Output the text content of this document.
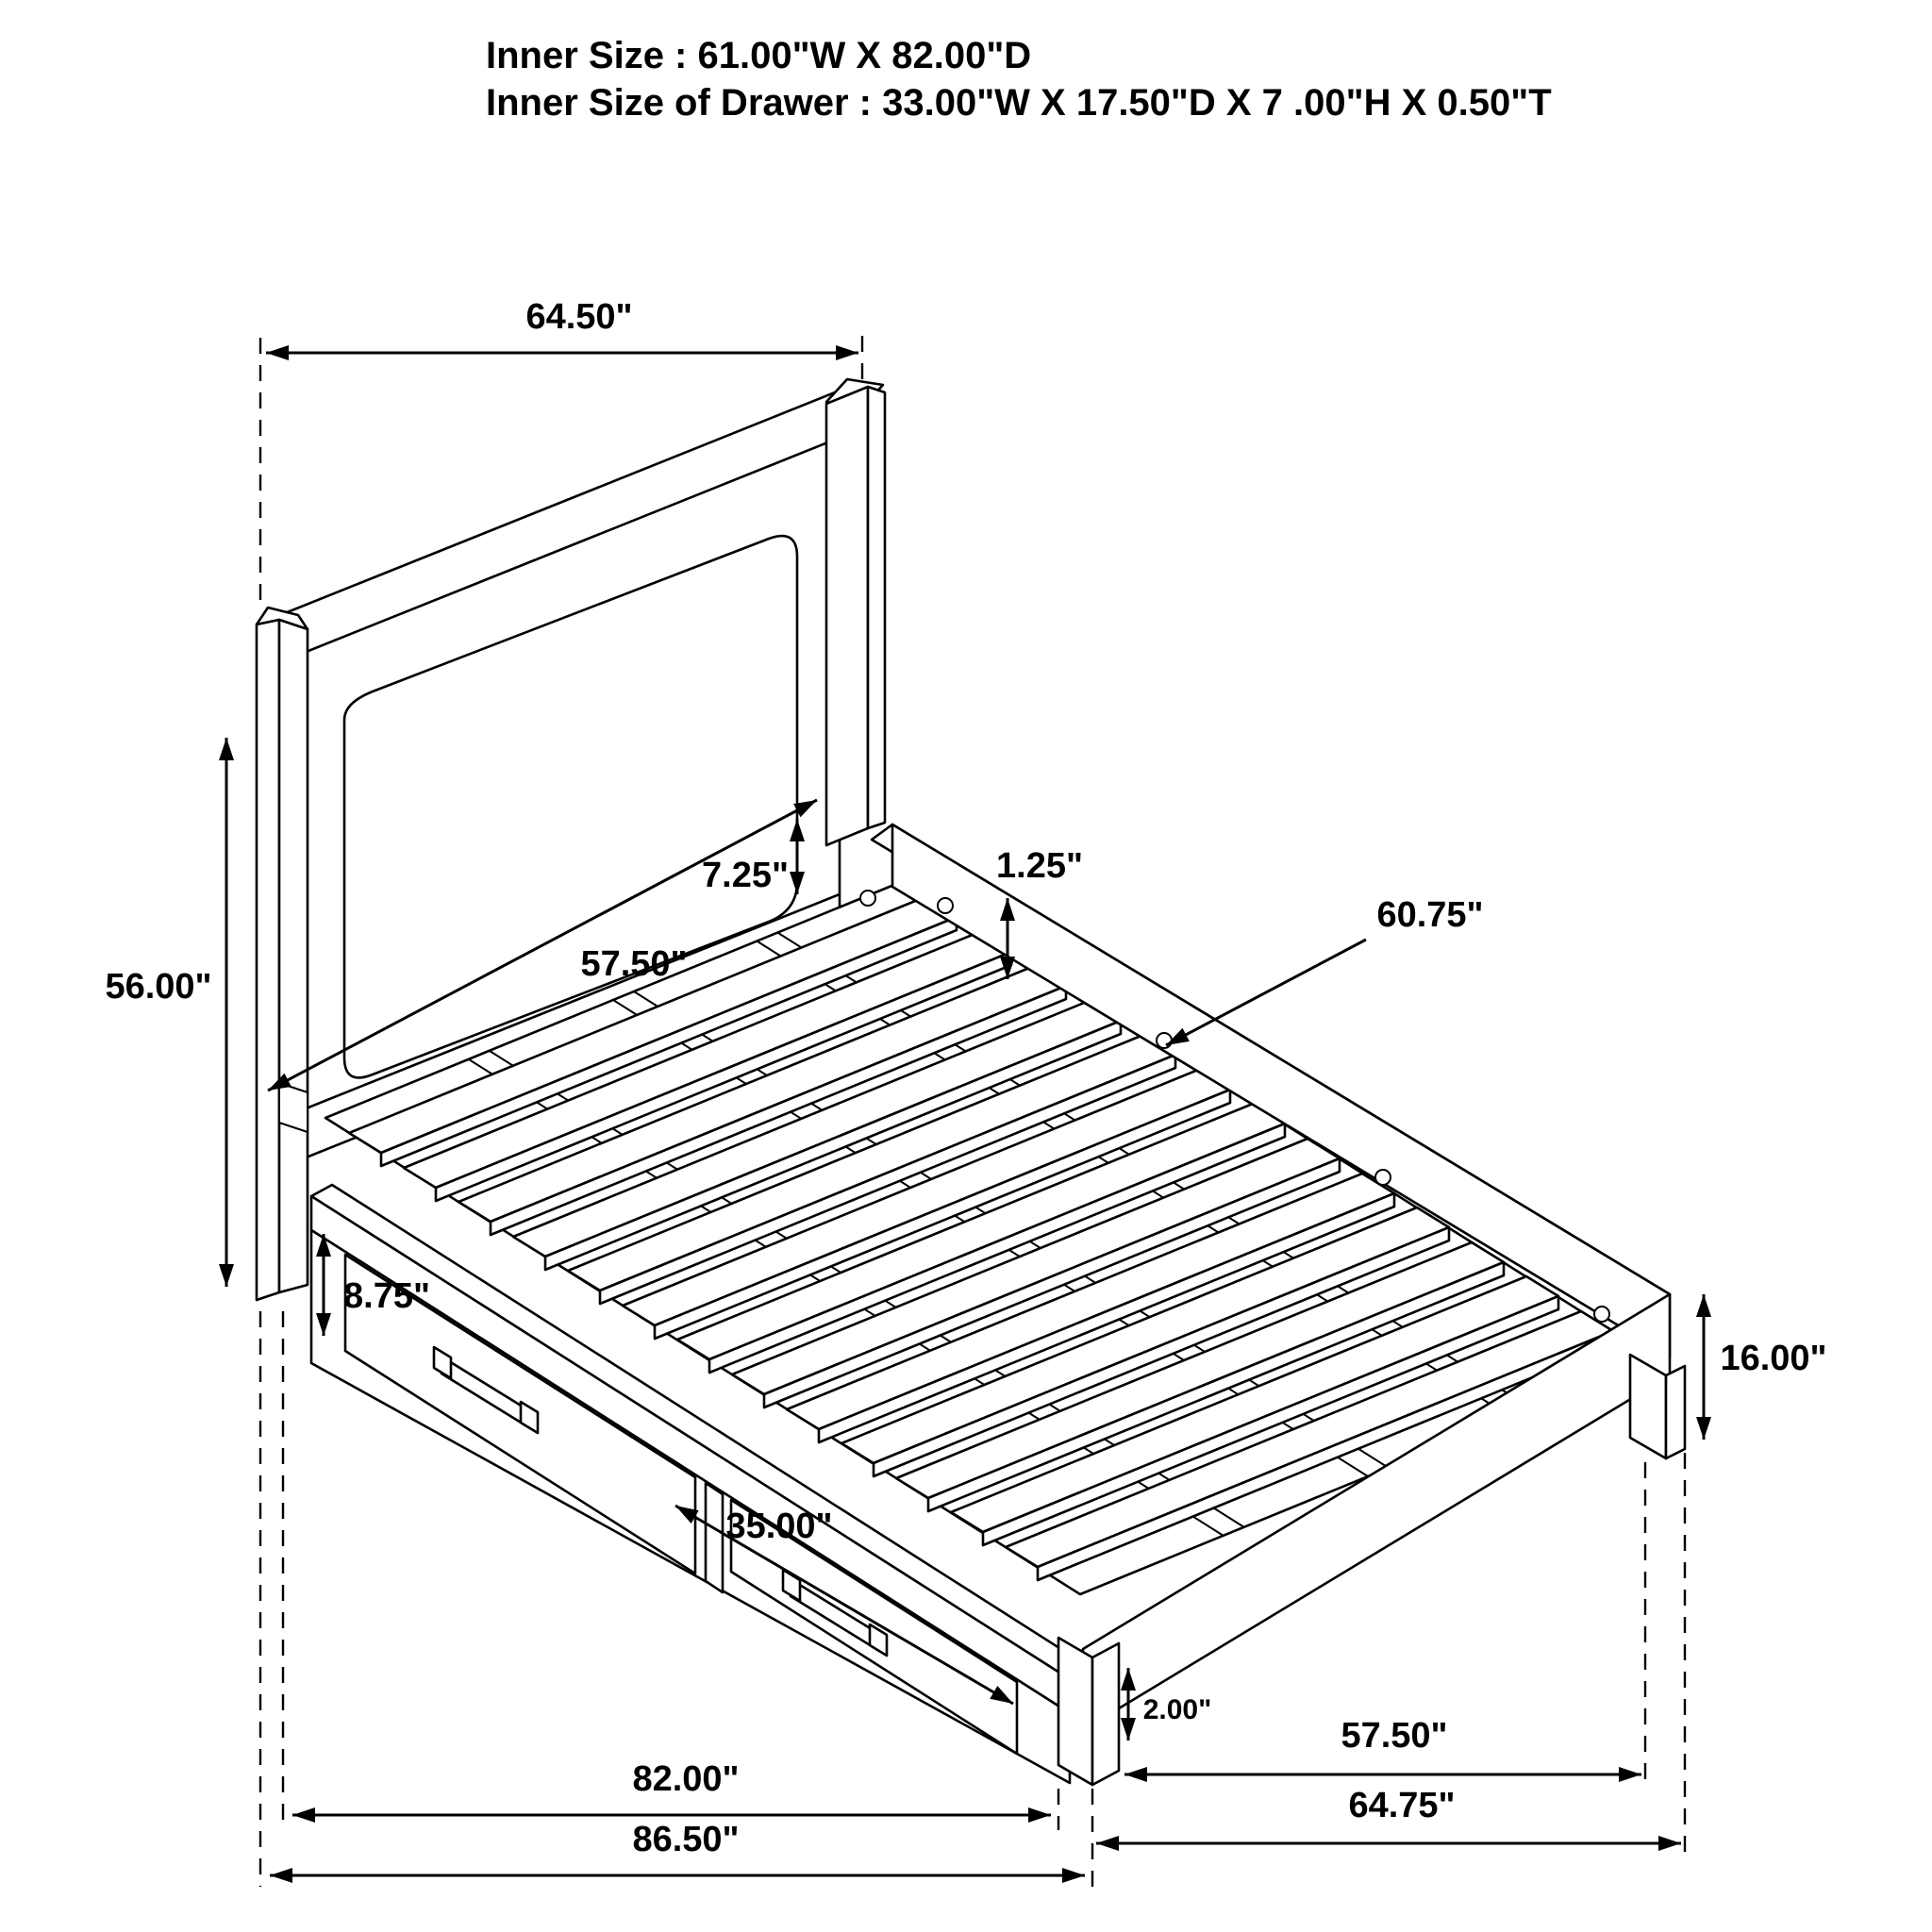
64.50"
56.00"
7.25"
57.50"
1.25"
60.75"
8.75"
35.00"
82.00"
86.50"
2.00"
16.00"
57.50"
64.75"
Inner Size : 61.00"W X 82.00"D
Inner Size of Drawer : 33.00"W X 17.50"D X 7 .00"H X 0.50"T
